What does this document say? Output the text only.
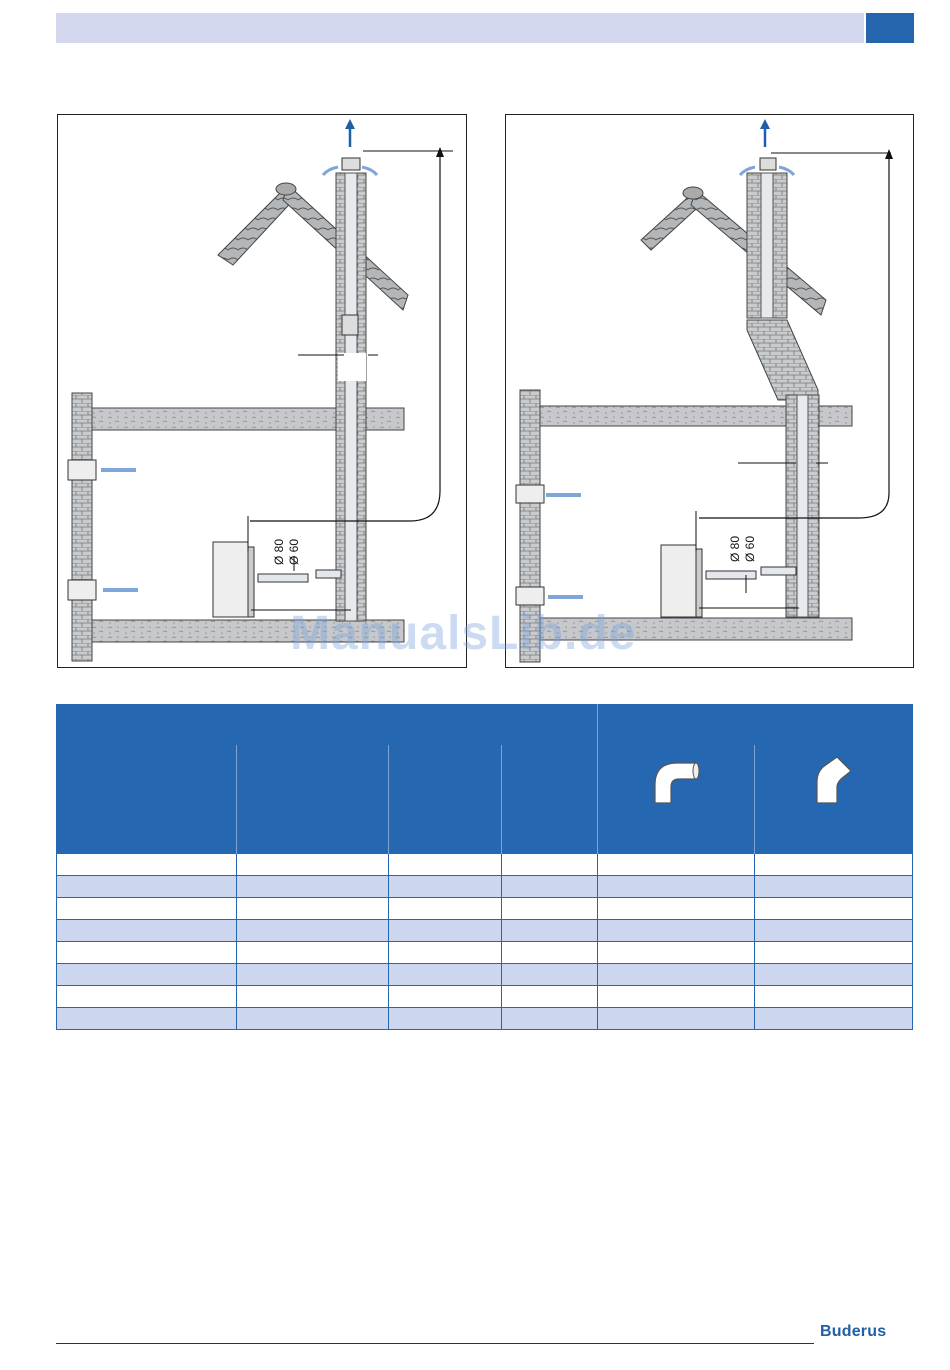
Ø 80 Ø 60	Ø 80 Ø 60
ManualsLib.de
Buderus
